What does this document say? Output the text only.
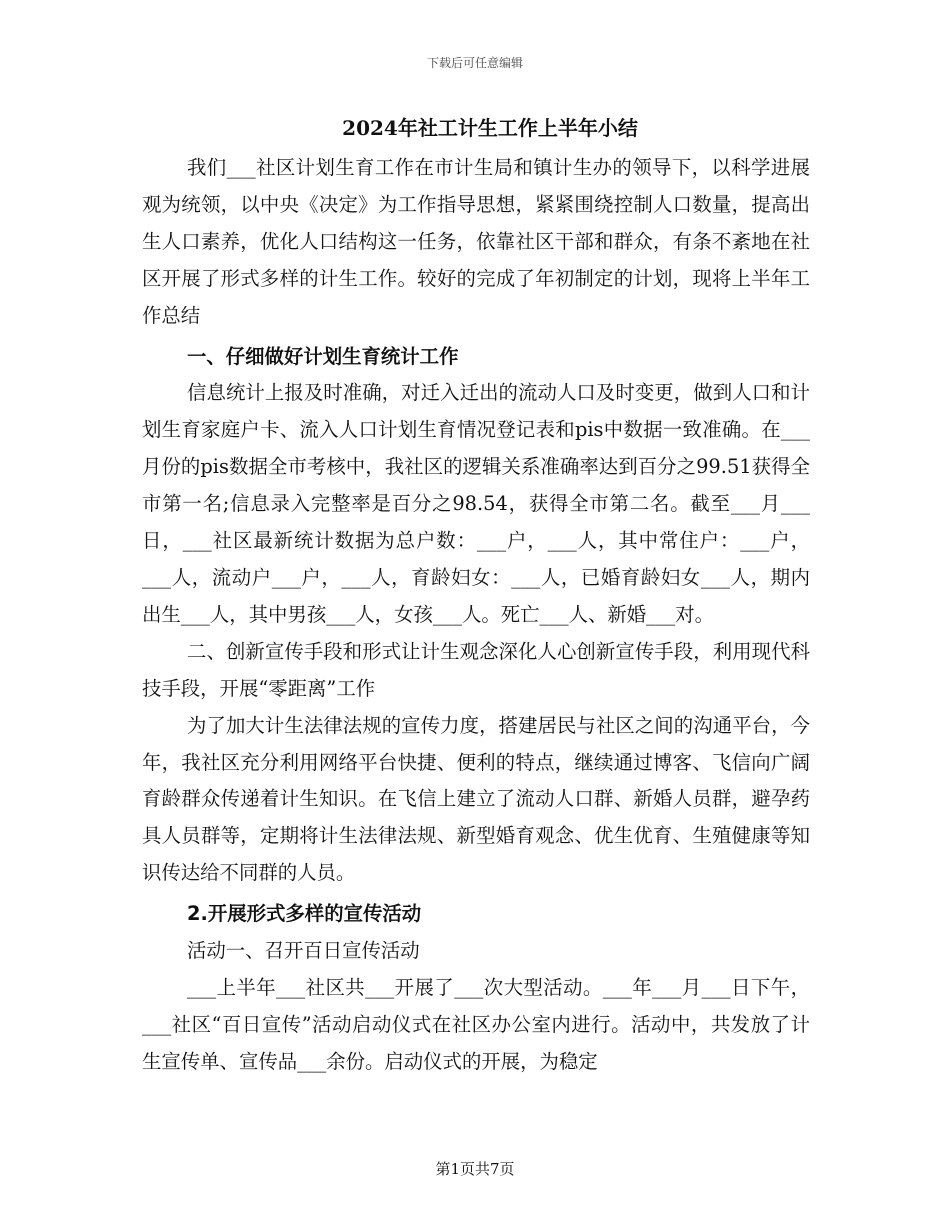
下载后可任意编辑
2024年社工计生工作上半年小结

我们___社区计划生育工作在市计生局和镇计生办的领导下，以科学进展观为统领，以中央《决定》为工作指导思想，紧紧围绕控制人口数量，提高出生人口素养，优化人口结构这一任务，依靠社区干部和群众，有条不紊地在社区开展了形式多样的计生工作。较好的完成了年初制定的计划，现将上半年工作总结

一、仔细做好计划生育统计工作

信息统计上报及时准确，对迁入迁出的流动人口及时变更，做到人口和计划生育家庭户卡、流入人口计划生育情况登记表和pis中数据一致准确。在___月份的pis数据全市考核中，我社区的逻辑关系准确率达到百分之99.51获得全市第一名;信息录入完整率是百分之98.54，获得全市第二名。截至___月___日，___社区最新统计数据为总户数：___户，___人，其中常住户：___户，___人，流动户___户，___人，育龄妇女：___人，已婚育龄妇女___人，期内出生___人，其中男孩___人，女孩___人。死亡___人、新婚___对。

二、创新宣传手段和形式让计生观念深化人心创新宣传手段，利用现代科技手段，开展“零距离”工作

为了加大计生法律法规的宣传力度，搭建居民与社区之间的沟通平台，今年，我社区充分利用网络平台快捷、便利的特点，继续通过博客、飞信向广阔育龄群众传递着计生知识。在飞信上建立了流动人口群、新婚人员群，避孕药具人员群等，定期将计生法律法规、新型婚育观念、优生优育、生殖健康等知识传达给不同群的人员。

2.开展形式多样的宣传活动

活动一、召开百日宣传活动

___上半年___社区共___开展了___次大型活动。___年___月___日下午，___社区“百日宣传”活动启动仪式在社区办公室内进行。活动中，共发放了计生宣传单、宣传品___余份。启动仪式的开展，为稳定

第1页共7页
